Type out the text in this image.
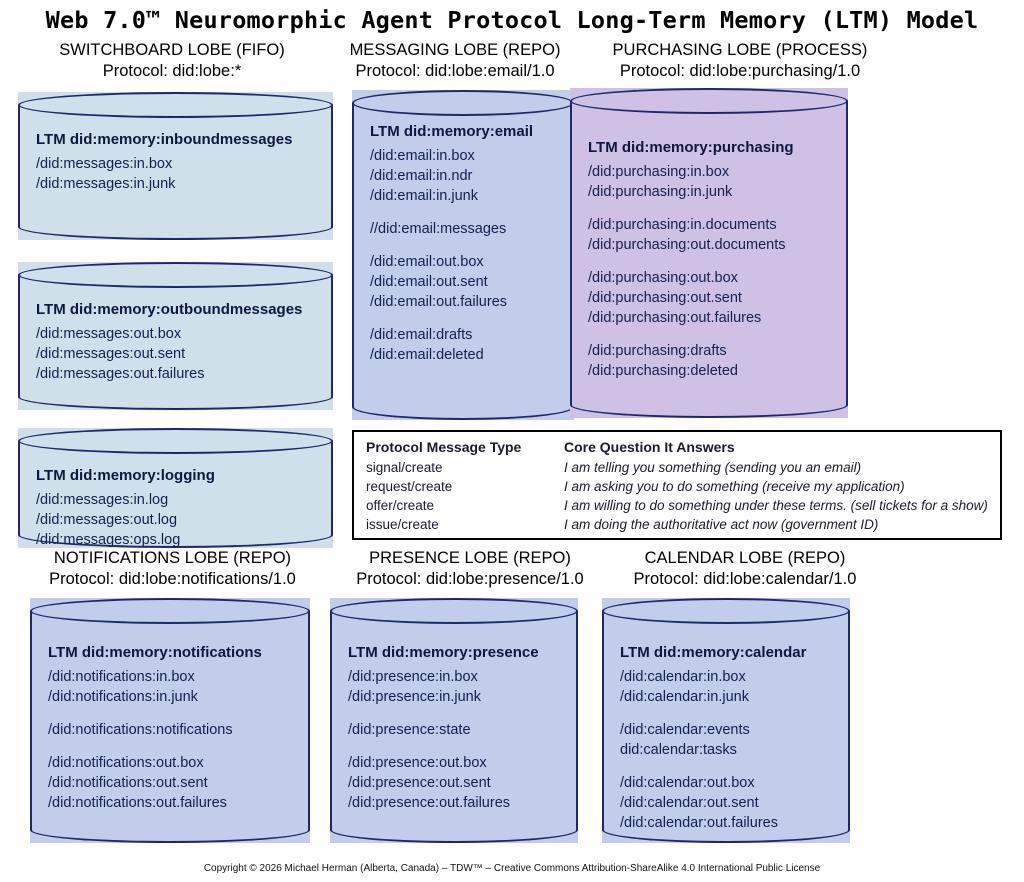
Web 7.0™ Neuromorphic Agent Protocol Long-Term Memory (LTM) Model
SWITCHBOARD LOBE (FIFO)
Protocol: did:lobe:*
MESSAGING LOBE (REPO)
Protocol: did:lobe:email/1.0
PURCHASING LOBE (PROCESS)
Protocol: did:lobe:purchasing/1.0
LTM did:memory:inboundmessages
/did:messages:in.box
/did:messages:in.junk
LTM did:memory:outboundmessages
/did:messages:out.box
/did:messages:out.sent
/did:messages:out.failures
LTM did:memory:logging
/did:messages:in.log
/did:messages:out.log
/did:messages:ops.log
LTM did:memory:email
/did:email:in.box
/did:email:in.ndr
/did:email:in.junk
//did:email:messages
/did:email:out.box
/did:email:out.sent
/did:email:out.failures
/did:email:drafts
/did:email:deleted
LTM did:memory:purchasing
/did:purchasing:in.box
/did:purchasing:in.junk
/did:purchasing:in.documents
/did:purchasing:out.documents
/did:purchasing:out.box
/did:purchasing:out.sent
/did:purchasing:out.failures
/did:purchasing:drafts
/did:purchasing:deleted
Protocol Message Type	Core Question It Answers
signal/create	I am telling you something (sending you an email)
request/create	I am asking you to do something (receive my application)
offer/create	I am willing to do something under these terms. (sell tickets for a show)
issue/create	I am doing the authoritative act now (government ID)
NOTIFICATIONS LOBE (REPO)
Protocol: did:lobe:notifications/1.0
PRESENCE LOBE (REPO)
Protocol: did:lobe:presence/1.0
CALENDAR LOBE (REPO)
Protocol: did:lobe:calendar/1.0
LTM did:memory:notifications
/did:notifications:in.box
/did:notifications:in.junk
/did:notifications:notifications
/did:notifications:out.box
/did:notifications:out.sent
/did:notifications:out.failures
LTM did:memory:presence
/did:presence:in.box
/did:presence:in.junk
/did:presence:state
/did:presence:out.box
/did:presence:out.sent
/did:presence:out.failures
LTM did:memory:calendar
/did:calendar:in.box
/did:calendar:in.junk
/did:calendar:events
did:calendar:tasks
/did:calendar:out.box
/did:calendar:out.sent
/did:calendar:out.failures
Copyright © 2026 Michael Herman (Alberta, Canada) – TDW™ – Creative Commons Attribution-ShareAlike 4.0 International Public License
